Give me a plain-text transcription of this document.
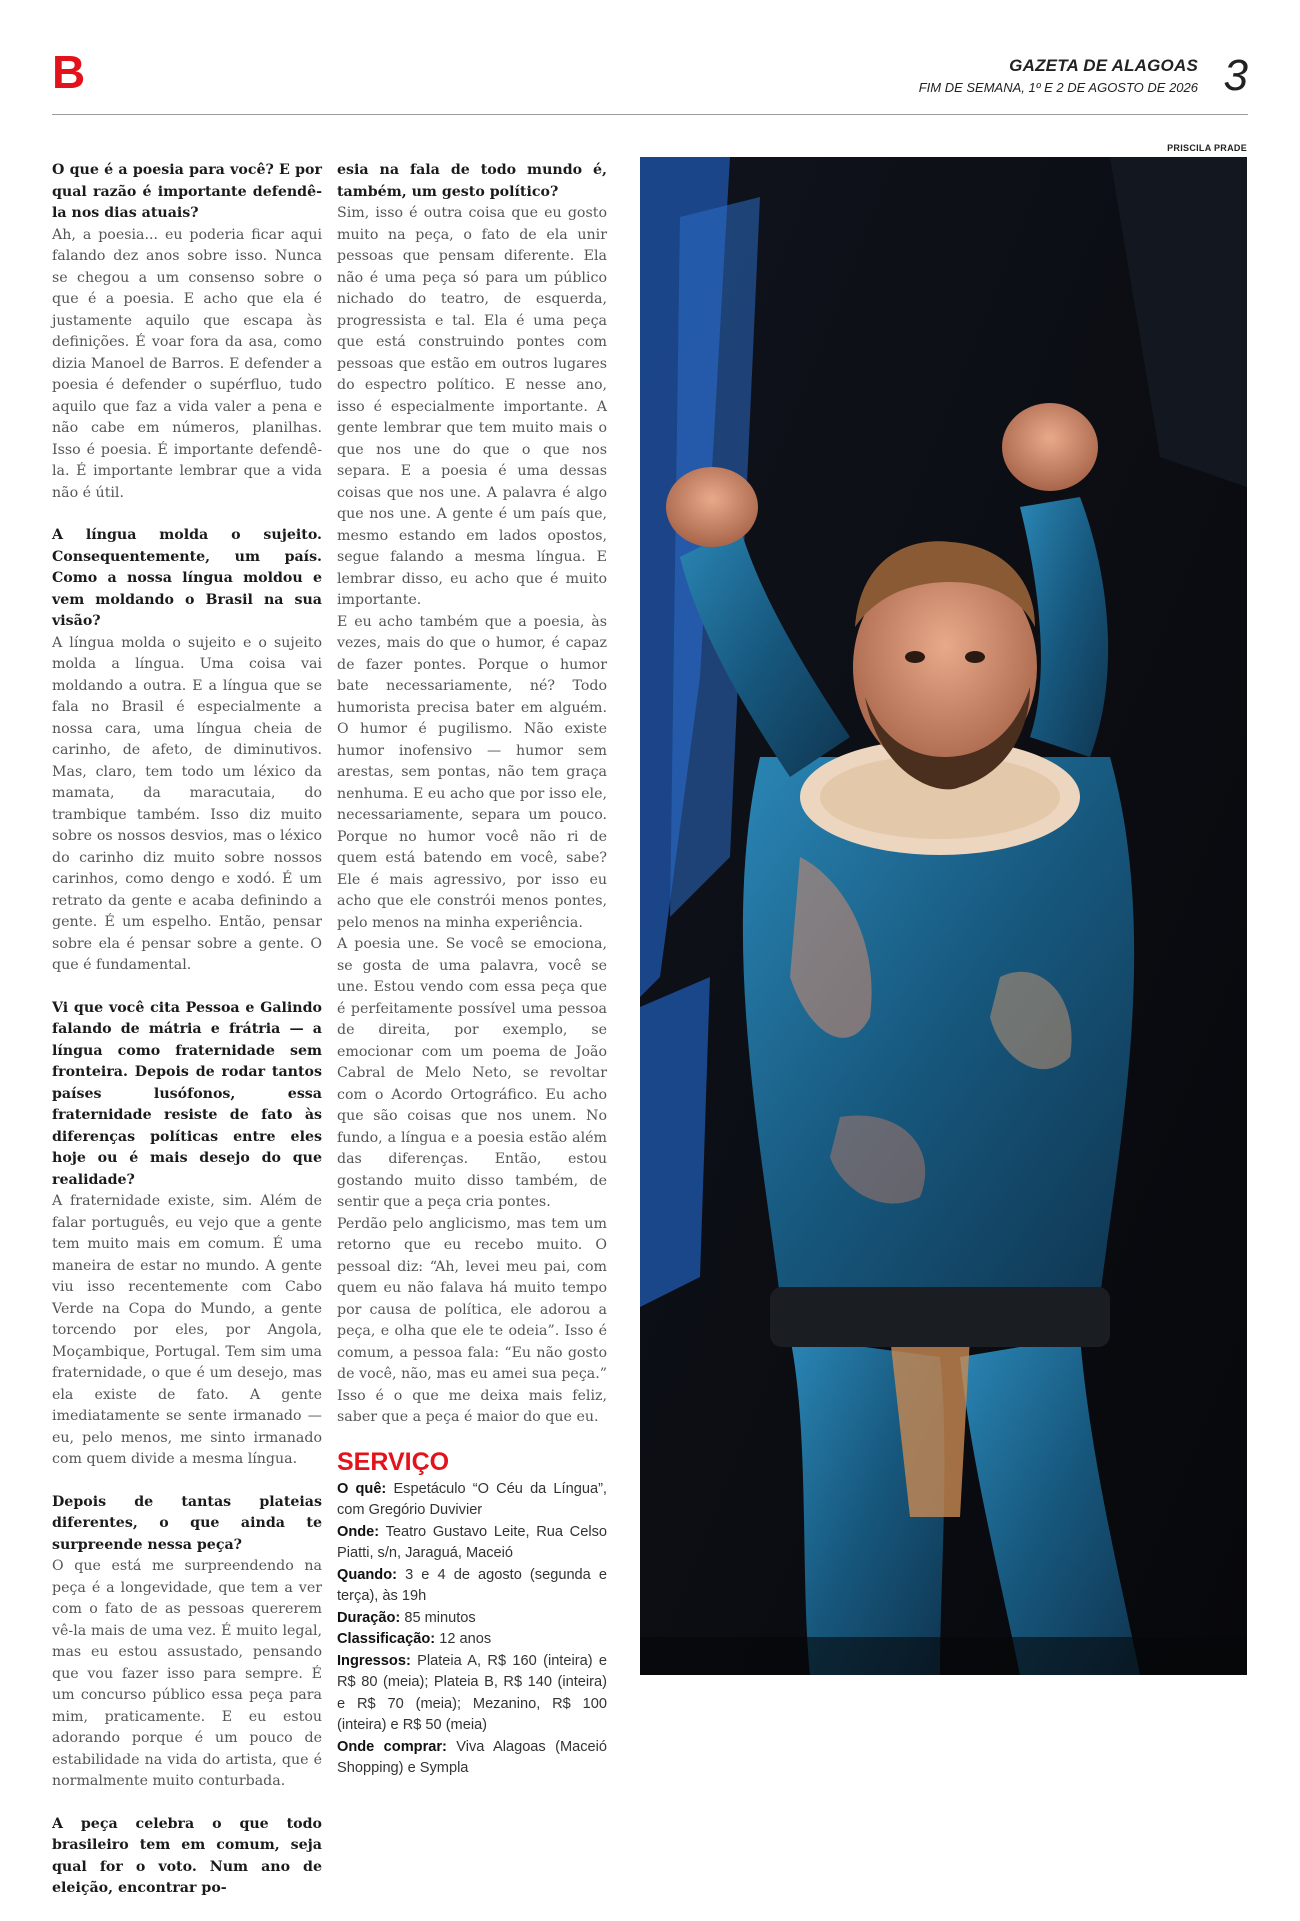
B	GAZETA DE ALAGOAS
FIM DE SEMANA, 1º E 2 DE AGOSTO DE 2026 3
O que é a poesia para você? E por qual razão é importante defendê-la nos dias atuais?
Ah, a poesia... eu poderia ficar aqui falando dez anos sobre isso. Nunca se chegou a um consenso sobre o que é a poesia. E acho que ela é justamente aquilo que escapa às definições. É voar fora da asa, como dizia Manoel de Barros. E defender a poesia é defender o supérfluo, tudo aquilo que faz a vida valer a pena e não cabe em números, planilhas. Isso é poesia. É importante defendê-la. É importante lembrar que a vida não é útil.
A língua molda o sujeito. Consequentemente, um país. Como a nossa língua moldou e vem moldando o Brasil na sua visão?
A língua molda o sujeito e o sujeito molda a língua. Uma coisa vai moldando a outra. E a língua que se fala no Brasil é especialmente a nossa cara, uma língua cheia de carinho, de afeto, de diminutivos. Mas, claro, tem todo um léxico da mamata, da maracutaia, do trambique também. Isso diz muito sobre os nossos desvios, mas o léxico do carinho diz muito sobre nossos carinhos, como dengo e xodó. É um retrato da gente e acaba definindo a gente. É um espelho. Então, pensar sobre ela é pensar sobre a gente. O que é fundamental.
Vi que você cita Pessoa e Galindo falando de mátria e frátria — a língua como fraternidade sem fronteira. Depois de rodar tantos países lusófonos, essa fraternidade resiste de fato às diferenças políticas entre eles hoje ou é mais desejo do que realidade?
A fraternidade existe, sim. Além de falar português, eu vejo que a gente tem muito mais em comum. É uma maneira de estar no mundo. A gente viu isso recentemente com Cabo Verde na Copa do Mundo, a gente torcendo por eles, por Angola, Moçambique, Portugal. Tem sim uma fraternidade, o que é um desejo, mas ela existe de fato. A gente imediatamente se sente irmanado — eu, pelo menos, me sinto irmanado com quem divide a mesma língua.
Depois de tantas plateias diferentes, o que ainda te surpreende nessa peça?
O que está me surpreendendo na peça é a longevidade, que tem a ver com o fato de as pessoas quererem vê-la mais de uma vez. É muito legal, mas eu estou assustado, pensando que vou fazer isso para sempre. É um concurso público essa peça para mim, praticamente. E eu estou adorando porque é um pouco de estabilidade na vida do artista, que é normalmente muito conturbada.
A peça celebra o que todo brasileiro tem em comum, seja qual for o voto. Num ano de eleição, encontrar po-
esia na fala de todo mundo é, também, um gesto político?
Sim, isso é outra coisa que eu gosto muito na peça, o fato de ela unir pessoas que pensam diferente. Ela não é uma peça só para um público nichado do teatro, de esquerda, progressista e tal. Ela é uma peça que está construindo pontes com pessoas que estão em outros lugares do espectro político. E nesse ano, isso é especialmente importante. A gente lembrar que tem muito mais o que nos une do que o que nos separa. E a poesia é uma dessas coisas que nos une. A palavra é algo que nos une. A gente é um país que, mesmo estando em lados opostos, segue falando a mesma língua. E lembrar disso, eu acho que é muito importante.
E eu acho também que a poesia, às vezes, mais do que o humor, é capaz de fazer pontes. Porque o humor bate necessariamente, né? Todo humorista precisa bater em alguém. O humor é pugilismo. Não existe humor inofensivo — humor sem arestas, sem pontas, não tem graça nenhuma. E eu acho que por isso ele, necessariamente, separa um pouco. Porque no humor você não ri de quem está batendo em você, sabe? Ele é mais agressivo, por isso eu acho que ele constrói menos pontes, pelo menos na minha experiência.
A poesia une. Se você se emociona, se gosta de uma palavra, você se une. Estou vendo com essa peça que é perfeitamente possível uma pessoa de direita, por exemplo, se emocionar com um poema de João Cabral de Melo Neto, se revoltar com o Acordo Ortográfico. Eu acho que são coisas que nos unem. No fundo, a língua e a poesia estão além das diferenças. Então, estou gostando muito disso também, de sentir que a peça cria pontes.
Perdão pelo anglicismo, mas tem um retorno que eu recebo muito. O pessoal diz: “Ah, levei meu pai, com quem eu não falava há muito tempo por causa de política, ele adorou a peça, e olha que ele te odeia”. Isso é comum, a pessoa fala: “Eu não gosto de você, não, mas eu amei sua peça.” Isso é o que me deixa mais feliz, saber que a peça é maior do que eu.
SERVIÇO
O quê: Espetáculo “O Céu da Língua”, com Gregório Duvivier
Onde: Teatro Gustavo Leite, Rua Celso Piatti, s/n, Jaraguá, Maceió
Quando: 3 e 4 de agosto (segunda e terça), às 19h
Duração: 85 minutos
Classificação: 12 anos
Ingressos: Plateia A, R$ 160 (inteira) e R$ 80 (meia); Plateia B, R$ 140 (inteira) e R$ 70 (meia); Mezanino, R$ 100 (inteira) e R$ 50 (meia)
Onde comprar: Viva Alagoas (Maceió Shopping) e Sympla
PRISCILA PRADE
